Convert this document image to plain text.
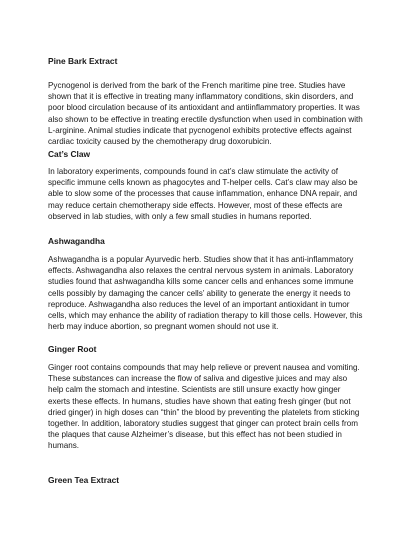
Pine Bark Extract

Pycnogenol is derived from the bark of the French maritime pine tree. Studies have
shown that it is effective in treating many inflammatory conditions, skin disorders, and
poor blood circulation because of its antioxidant and antiinflammatory properties. It was
also shown to be effective in treating erectile dysfunction when used in combination with
L-arginine. Animal studies indicate that pycnogenol exhibits protective effects against
cardiac toxicity caused by the chemotherapy drug doxorubicin.

Cat’s Claw

In laboratory experiments, compounds found in cat’s claw stimulate the activity of
specific immune cells known as phagocytes and T-helper cells. Cat’s claw may also be
able to slow some of the processes that cause inflammation, enhance DNA repair, and
may reduce certain chemotherapy side effects. However, most of these effects are
observed in lab studies, with only a few small studies in humans reported.

Ashwagandha

Ashwagandha is a popular Ayurvedic herb. Studies show that it has anti-inflammatory
effects. Ashwagandha also relaxes the central nervous system in animals. Laboratory
studies found that ashwagandha kills some cancer cells and enhances some immune
cells possibly by damaging the cancer cells’ ability to generate the energy it needs to
reproduce. Ashwagandha also reduces the level of an important antioxidant in tumor
cells, which may enhance the ability of radiation therapy to kill those cells. However, this
herb may induce abortion, so pregnant women should not use it.

Ginger Root

Ginger root contains compounds that may help relieve or prevent nausea and vomiting.
These substances can increase the flow of saliva and digestive juices and may also
help calm the stomach and intestine. Scientists are still unsure exactly how ginger
exerts these effects. In humans, studies have shown that eating fresh ginger (but not
dried ginger) in high doses can “thin” the blood by preventing the platelets from sticking
together. In addition, laboratory studies suggest that ginger can protect brain cells from
the plaques that cause Alzheimer’s disease, but this effect has not been studied in
humans.

Green Tea Extract
